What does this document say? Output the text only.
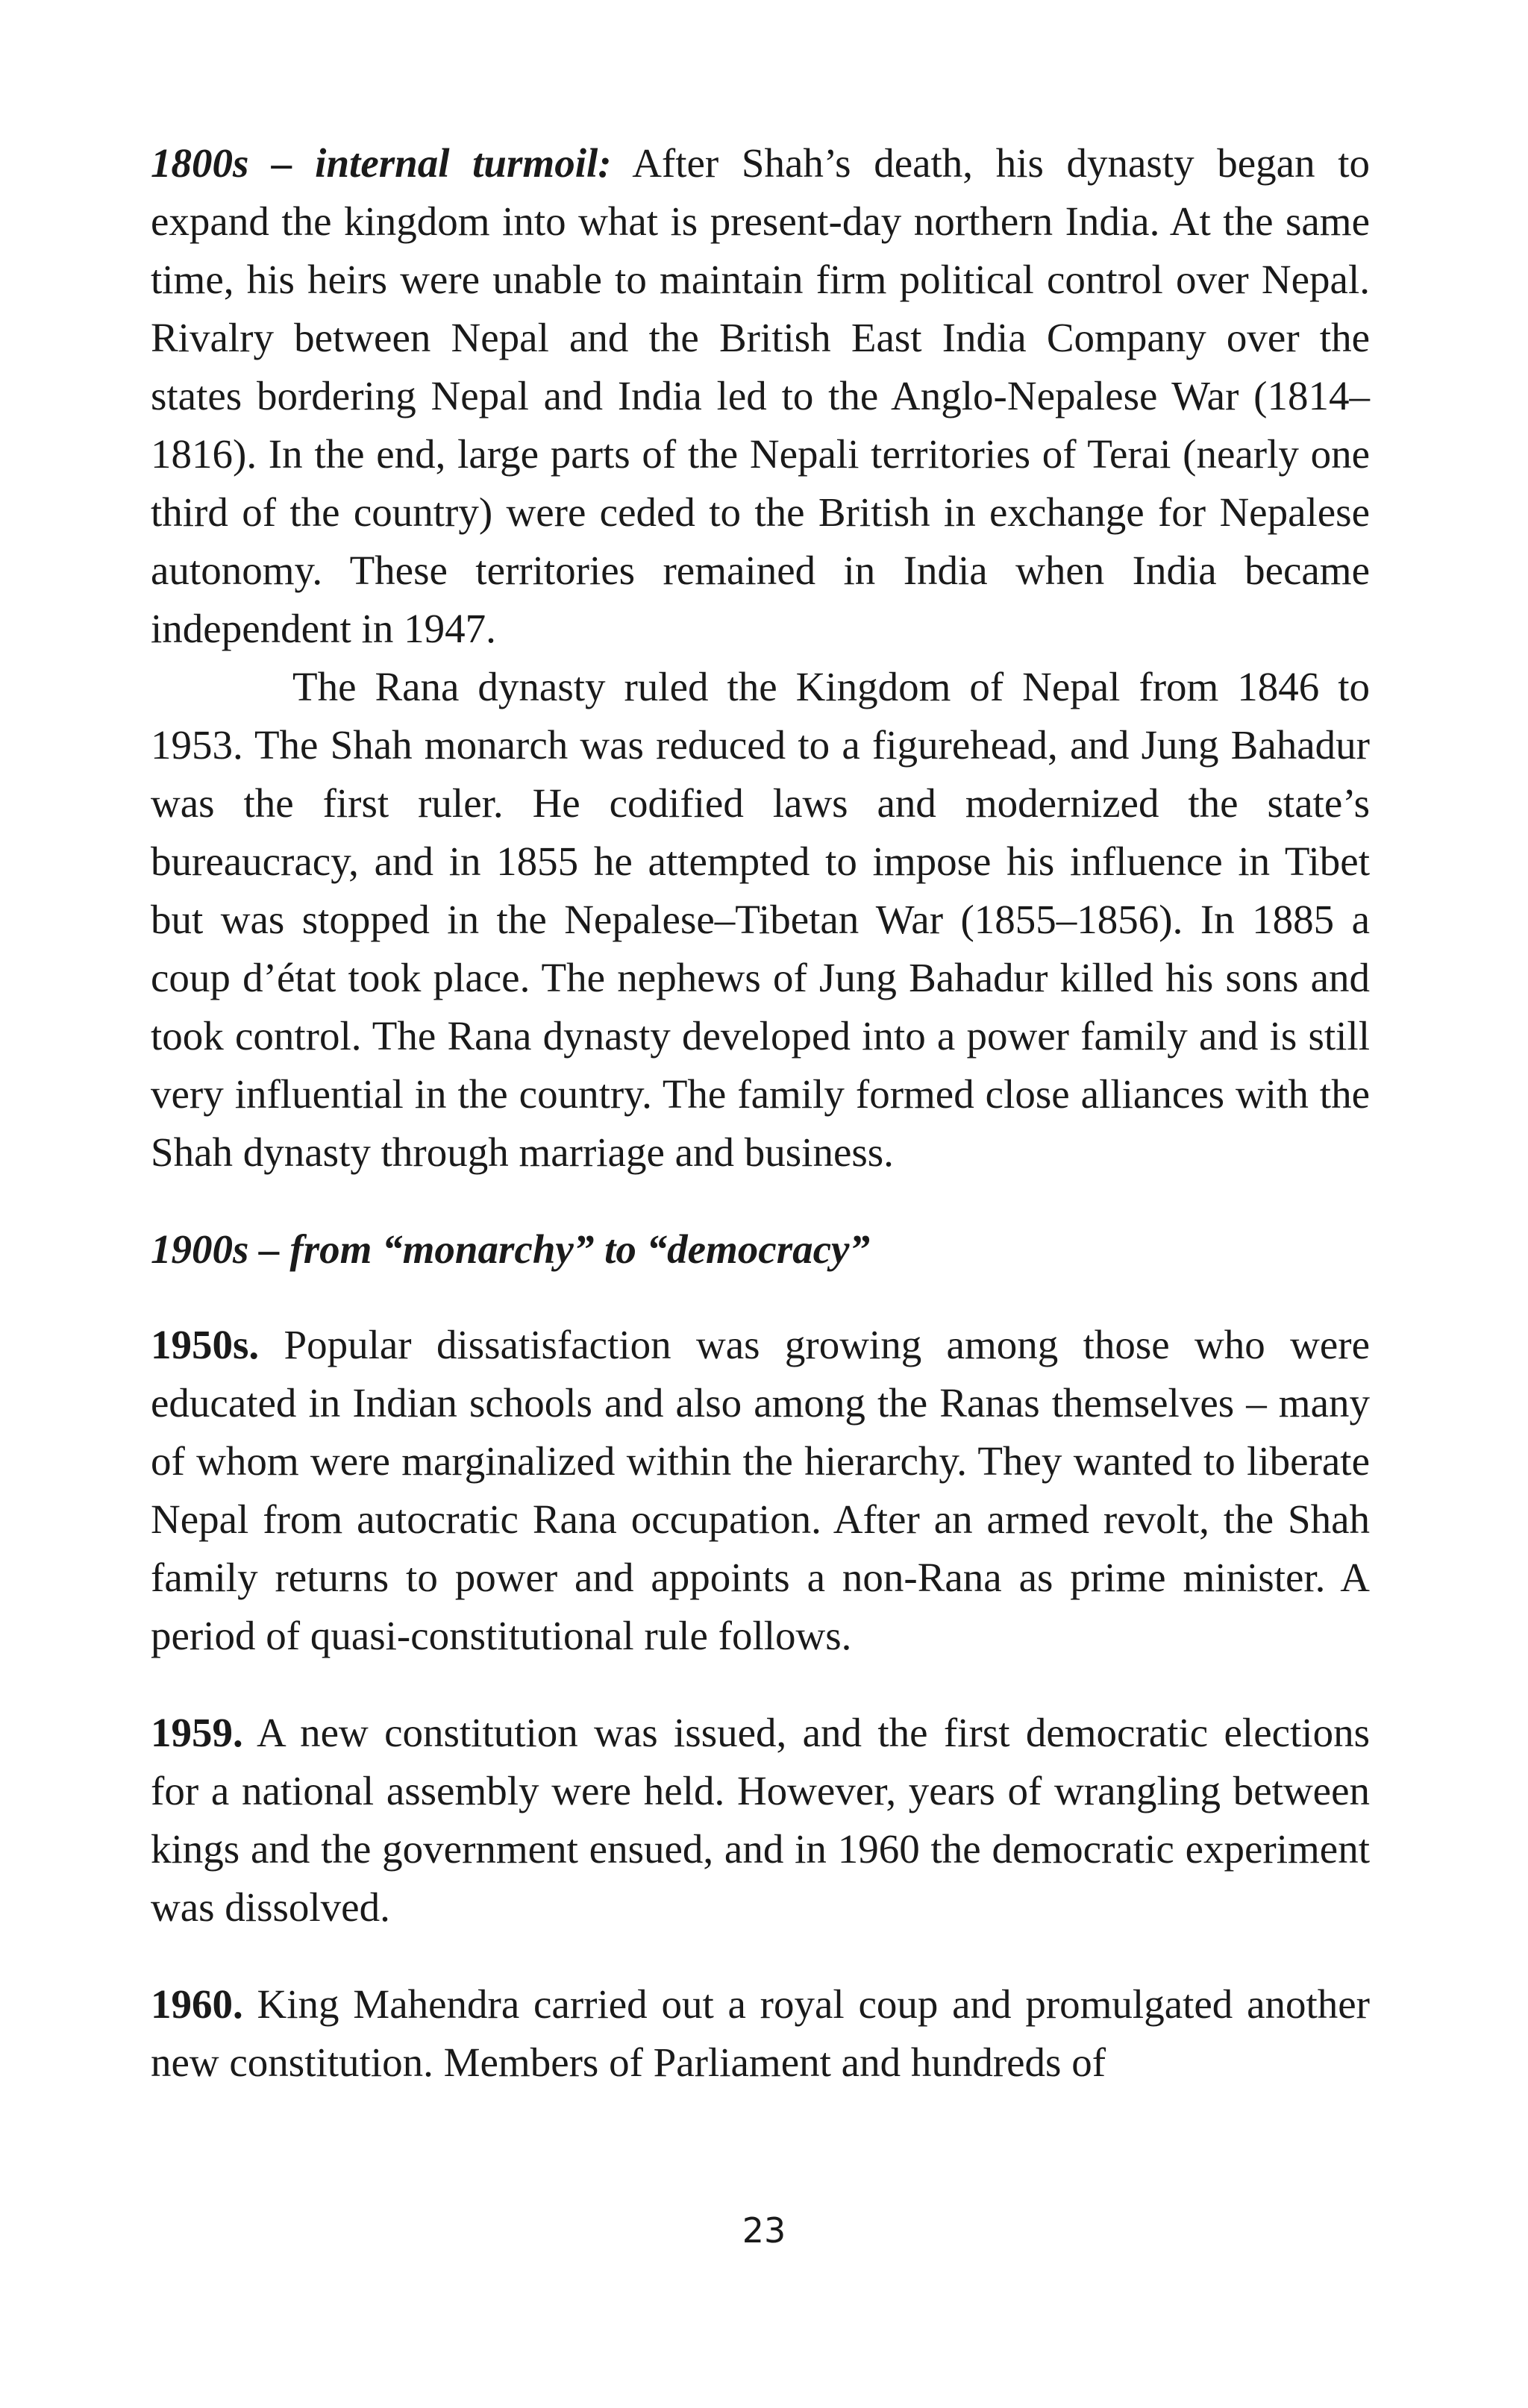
1800s – internal turmoil: After Shah’s death, his dynasty began to expand the kingdom into what is present-day northern India. At the same time, his heirs were unable to maintain firm political control over Nepal. Rivalry between Nepal and the British East India Company over the states bordering Nepal and India led to the Anglo-Nepalese War (1814–1816). In the end, large parts of the Nepali territories of Terai (nearly one third of the country) were ceded to the British in exchange for Nepalese autonomy. These territories remained in India when India became independent in 1947.

The Rana dynasty ruled the Kingdom of Nepal from 1846 to 1953. The Shah monarch was reduced to a figurehead, and Jung Bahadur was the first ruler. He codified laws and modernized the state’s bureaucracy, and in 1855 he attempted to impose his influence in Tibet but was stopped in the Nepalese–Tibetan War (1855–1856). In 1885 a coup d’état took place. The nephews of Jung Bahadur killed his sons and took control. The Rana dynasty developed into a power family and is still very influential in the country. The family formed close alliances with the Shah dynasty through marriage and business.

1900s – from “monarchy” to “democracy”

1950s. Popular dissatisfaction was growing among those who were educated in Indian schools and also among the Ranas themselves – many of whom were marginalized within the hierarchy. They wanted to liberate Nepal from autocratic Rana occupation. After an armed revolt, the Shah family returns to power and appoints a non-Rana as prime minister. A period of quasi-constitutional rule follows.

1959. A new constitution was issued, and the first democratic elections for a national assembly were held. However, years of wrangling between kings and the government ensued, and in 1960 the democratic experiment was dissolved.

1960. King Mahendra carried out a royal coup and promulgated another new constitution. Members of Parliament and hundreds of

23
